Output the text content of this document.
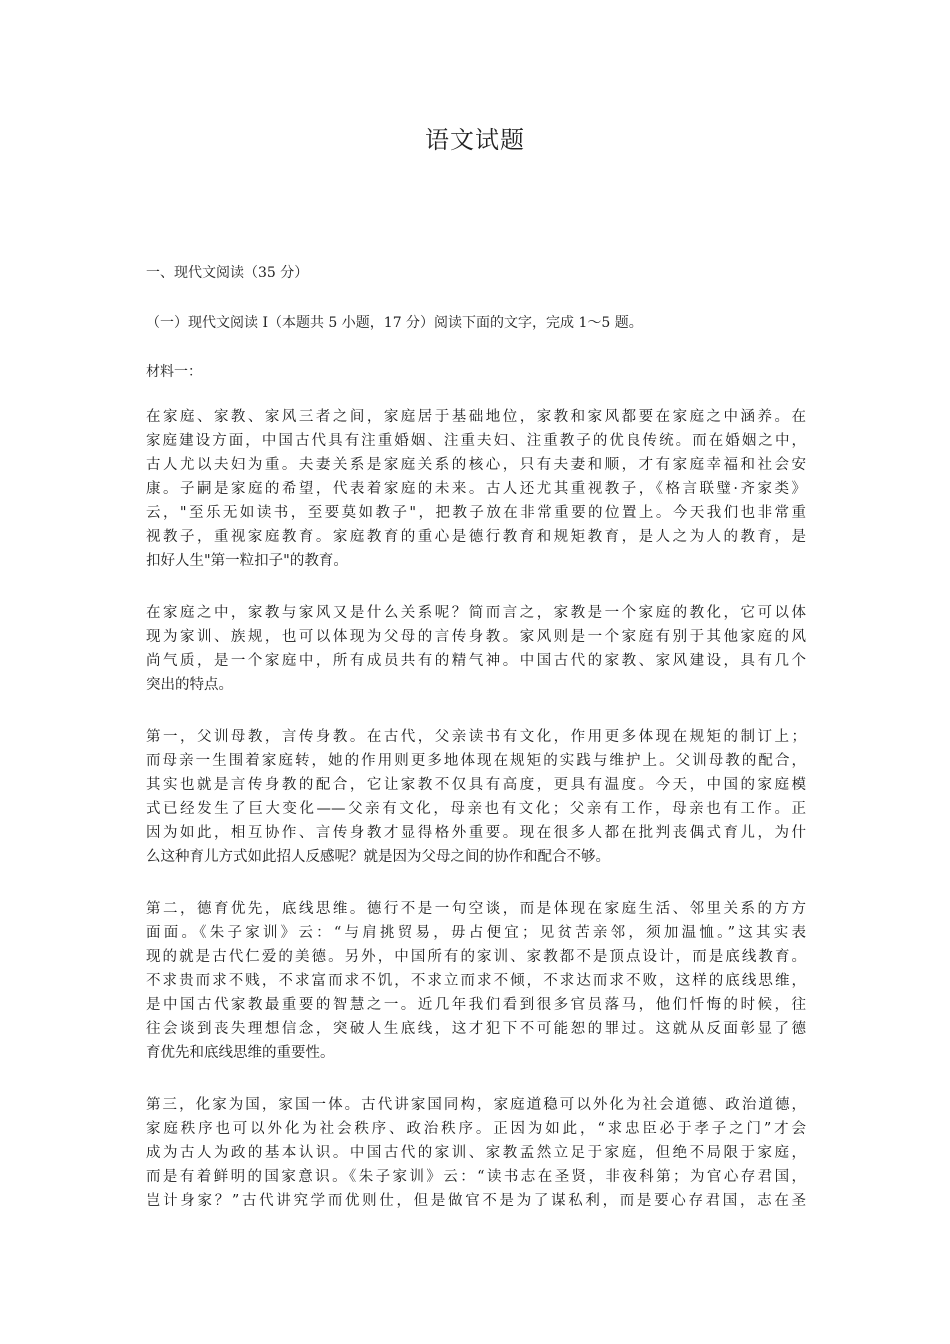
语文试题
一、现代文阅读（35 分）
（一）现代文阅读 I（本题共 5 小题，17 分）阅读下面的文字，完成 1～5 题。
材料一：
在家庭、家教、家风三者之间，家庭居于基础地位，家教和家风都要在家庭之中涵养。在
家庭建设方面，中国古代具有注重婚姻、注重夫妇、注重教子的优良传统。而在婚姻之中，
古人尤以夫妇为重。夫妻关系是家庭关系的核心，只有夫妻和顺，才有家庭幸福和社会安
康。子嗣是家庭的希望，代表着家庭的未来。古人还尤其重视教子，《格言联璧·齐家类》
云，"至乐无如读书，至要莫如教子"，把教子放在非常重要的位置上。今天我们也非常重
视教子，重视家庭教育。家庭教育的重心是德行教育和规矩教育，是人之为人的教育，是
扣好人生"第一粒扣子"的教育。
在家庭之中，家教与家风又是什么关系呢？简而言之，家教是一个家庭的教化，它可以体
现为家训、族规，也可以体现为父母的言传身教。家风则是一个家庭有别于其他家庭的风
尚气质，是一个家庭中，所有成员共有的精气神。中国古代的家教、家风建设，具有几个
突出的特点。
第一，父训母教，言传身教。在古代，父亲读书有文化，作用更多体现在规矩的制订上；
而母亲一生围着家庭转，她的作用则更多地体现在规矩的实践与维护上。父训母教的配合，
其实也就是言传身教的配合，它让家教不仅具有高度，更具有温度。今天，中国的家庭模
式已经发生了巨大变化——父亲有文化，母亲也有文化；父亲有工作，母亲也有工作。正
因为如此，相互协作、言传身教才显得格外重要。现在很多人都在批判丧偶式育儿，为什
么这种育儿方式如此招人反感呢？就是因为父母之间的协作和配合不够。
第二，德育优先，底线思维。德行不是一句空谈，而是体现在家庭生活、邻里关系的方方
面面。《朱子家训》云：“与肩挑贸易，毋占便宜；见贫苦亲邻，须加温恤。”这其实表
现的就是古代仁爱的美德。另外，中国所有的家训、家教都不是顶点设计，而是底线教育。
不求贵而求不贱，不求富而求不饥，不求立而求不倾，不求达而求不败，这样的底线思维，
是中国古代家教最重要的智慧之一。近几年我们看到很多官员落马，他们忏悔的时候，往
往会谈到丧失理想信念，突破人生底线，这才犯下不可能恕的罪过。这就从反面彰显了德
育优先和底线思维的重要性。
第三，化家为国，家国一体。古代讲家国同构，家庭道稳可以外化为社会道德、政治道德，
家庭秩序也可以外化为社会秩序、政治秩序。正因为如此，“求忠臣必于孝子之门”才会
成为古人为政的基本认识。中国古代的家训、家教孟然立足于家庭，但绝不局限于家庭，
而是有着鲜明的国家意识。《朱子家训》云：“读书志在圣贤，非夜科第；为官心存君国，
岂计身家？”古代讲究学而优则仕，但是做官不是为了谋私利，而是要心存君国，志在圣
